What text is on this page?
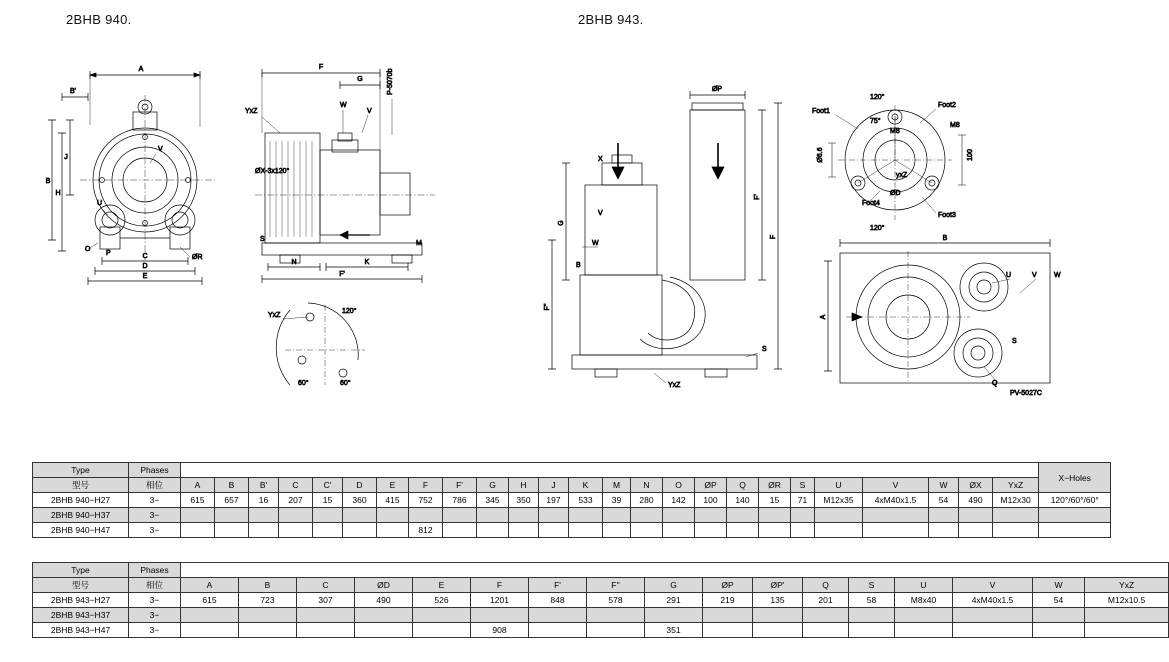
2BHB 940.	2BHB 943.
A
B'
B
J
H
U
V
O
P
ØR
C
D
E
F
G	P-5070b
YxZ
W
V
ØX-3x120°
S
N	K
M
F'
YxZ
120°
60°	60°
ØP
X
F'
F
G
F''
V
W
B
S
YxZ
Foot1
Foot2
Foot3
Foot4
120°
120°
75°
M8
M8
Ø6.6	100
yxZ
ØD
B
A
U	V W
S
Q
PV-5027C
Type	Phases																										X−Holes
型号	相位	A	B	B'	C	C'	D	E	F	F'	G	H	J	K	M	N	O	ØP	Q	ØR	S	U	V	W	ØX	YxZ	
2BHB 940−H27	3−	615	657	16	207	15	360	415	752	786	345	350	197	533	39	280	142	100	140	15	71	M12x35	4xM40x1.5	54	490	M12x30	120°/60°/60°
2BHB 940−H37	3−																										
2BHB 940−H47	3−								812																		
Type	Phases																	
型号	相位	A	B	C	ØD	E	F	F'	F''	G	ØP	ØP'	Q	S	U	V	W	YxZ
2BHB 943−H27	3−	615	723	307	490	526	1201	848	578	291	219	135	201	58	M8x40	4xM40x1.5	54	M12x10.5
2BHB 943−H37	3−																	
2BHB 943−H47	3−						908			351								
